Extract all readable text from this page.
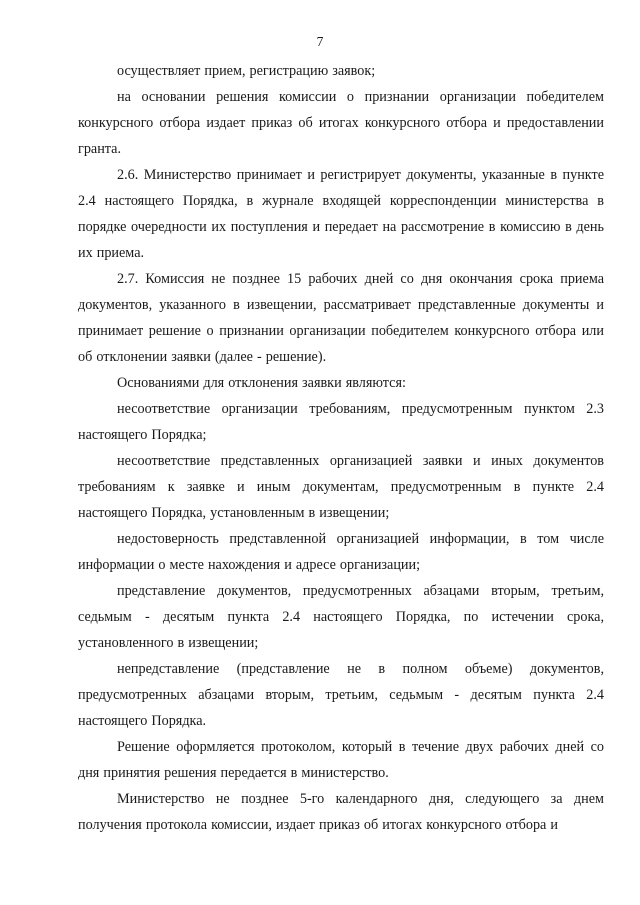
7

осуществляет прием, регистрацию заявок;

на основании решения комиссии о признании организации победителем конкурсного отбора издает приказ об итогах конкурсного отбора и предоставлении гранта.

2.6. Министерство принимает и регистрирует документы, указанные в пункте 2.4 настоящего Порядка, в журнале входящей корреспонденции министерства в порядке очередности их поступления и передает на рассмотрение в комиссию в день их приема.

2.7. Комиссия не позднее 15 рабочих дней со дня окончания срока приема документов, указанного в извещении, рассматривает представленные документы и принимает решение о признании организации победителем конкурсного отбора или об отклонении заявки (далее - решение).

Основаниями для отклонения заявки являются:

несоответствие организации требованиям, предусмотренным пунктом 2.3 настоящего Порядка;

несоответствие представленных организацией заявки и иных документов требованиям к заявке и иным документам, предусмотренным в пункте 2.4 настоящего Порядка, установленным в извещении;

недостоверность представленной организацией информации, в том числе информации о месте нахождения и адресе организации;

представление документов, предусмотренных абзацами вторым, третьим, седьмым - десятым пункта 2.4 настоящего Порядка, по истечении срока, установленного в извещении;

непредставление (представление не в полном объеме) документов, предусмотренных абзацами вторым, третьим, седьмым - десятым пункта 2.4 настоящего Порядка.

Решение оформляется протоколом, который в течение двух рабочих дней со дня принятия решения передается в министерство.

Министерство не позднее 5-го календарного дня, следующего за днем получения протокола комиссии, издает приказ об итогах конкурсного отбора и
